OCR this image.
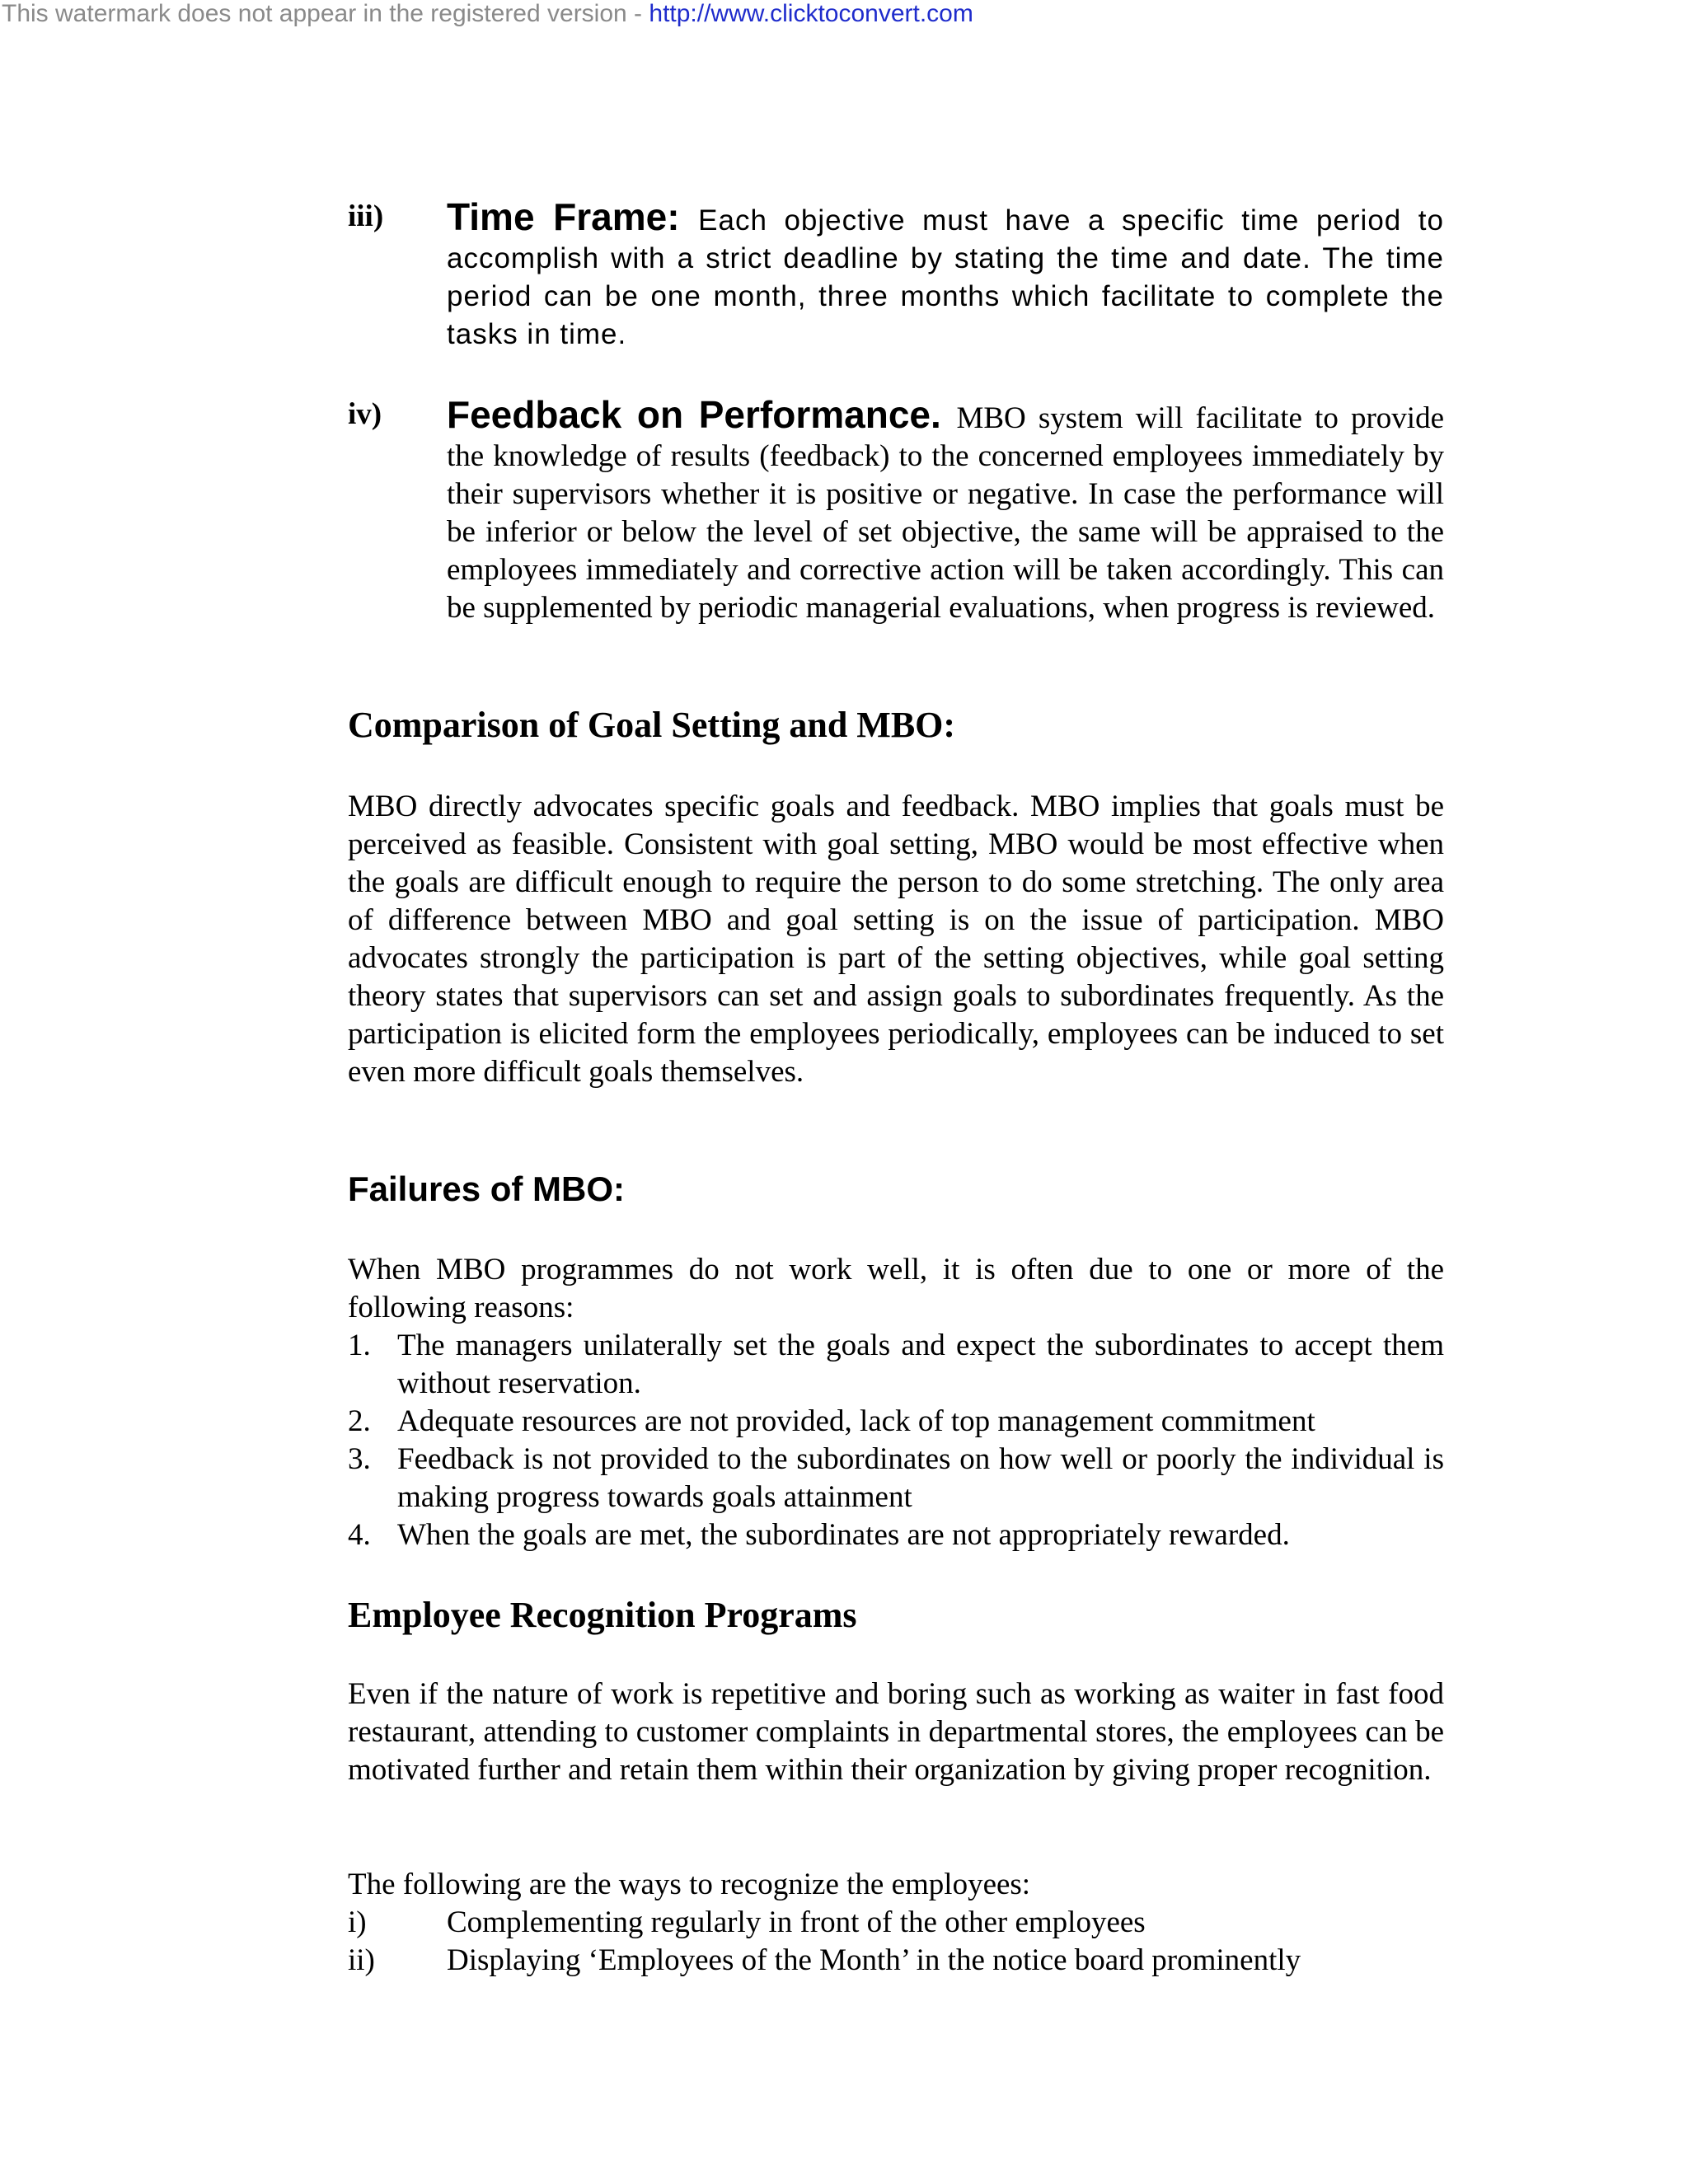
This watermark does not appear in the registered version - http://www.clicktoconvert.com
iii)	Time Frame: Each objective must have a specific time period to accomplish with a strict deadline by stating the time and date. The time period can be one month, three months which facilitate to complete the tasks in time.
iv)	Feedback on Performance. MBO system will facilitate to provide the knowledge of results (feedback) to the concerned employees immediately by their supervisors whether it is positive or negative. In case the performance will be inferior or below the level of set objective, the same will be appraised to the employees immediately and corrective action will be taken accordingly. This can be supplemented by periodic managerial evaluations, when progress is reviewed.
Comparison of Goal Setting and MBO:

MBO directly advocates specific goals and feedback. MBO implies that goals must be perceived as feasible. Consistent with goal setting, MBO would be most effective when the goals are difficult enough to require the person to do some stretching. The only area of difference between MBO and goal setting is on the issue of participation. MBO advocates strongly the participation is part of the setting objectives, while goal setting theory states that supervisors can set and assign goals to subordinates frequently. As the participation is elicited form the employees periodically, employees can be induced to set even more difficult goals themselves.

Failures of MBO:

When MBO programmes do not work well, it is often due to one or more of the following reasons:

1. The managers unilaterally set the goals and expect the subordinates to accept them without reservation.
2. Adequate resources are not provided, lack of top management commitment
3. Feedback is not provided to the subordinates on how well or poorly the individual is making progress towards goals attainment
4. When the goals are met, the subordinates are not appropriately rewarded.
Employee Recognition Programs

Even if the nature of work is repetitive and boring such as working as waiter in fast food restaurant, attending to customer complaints in departmental stores, the employees can be motivated further and retain them within their organization by giving proper recognition.

The following are the ways to recognize the employees:

i)	Complementing regularly in front of the other employees
ii) Displaying ‘Employees of the Month’ in the notice board prominently
